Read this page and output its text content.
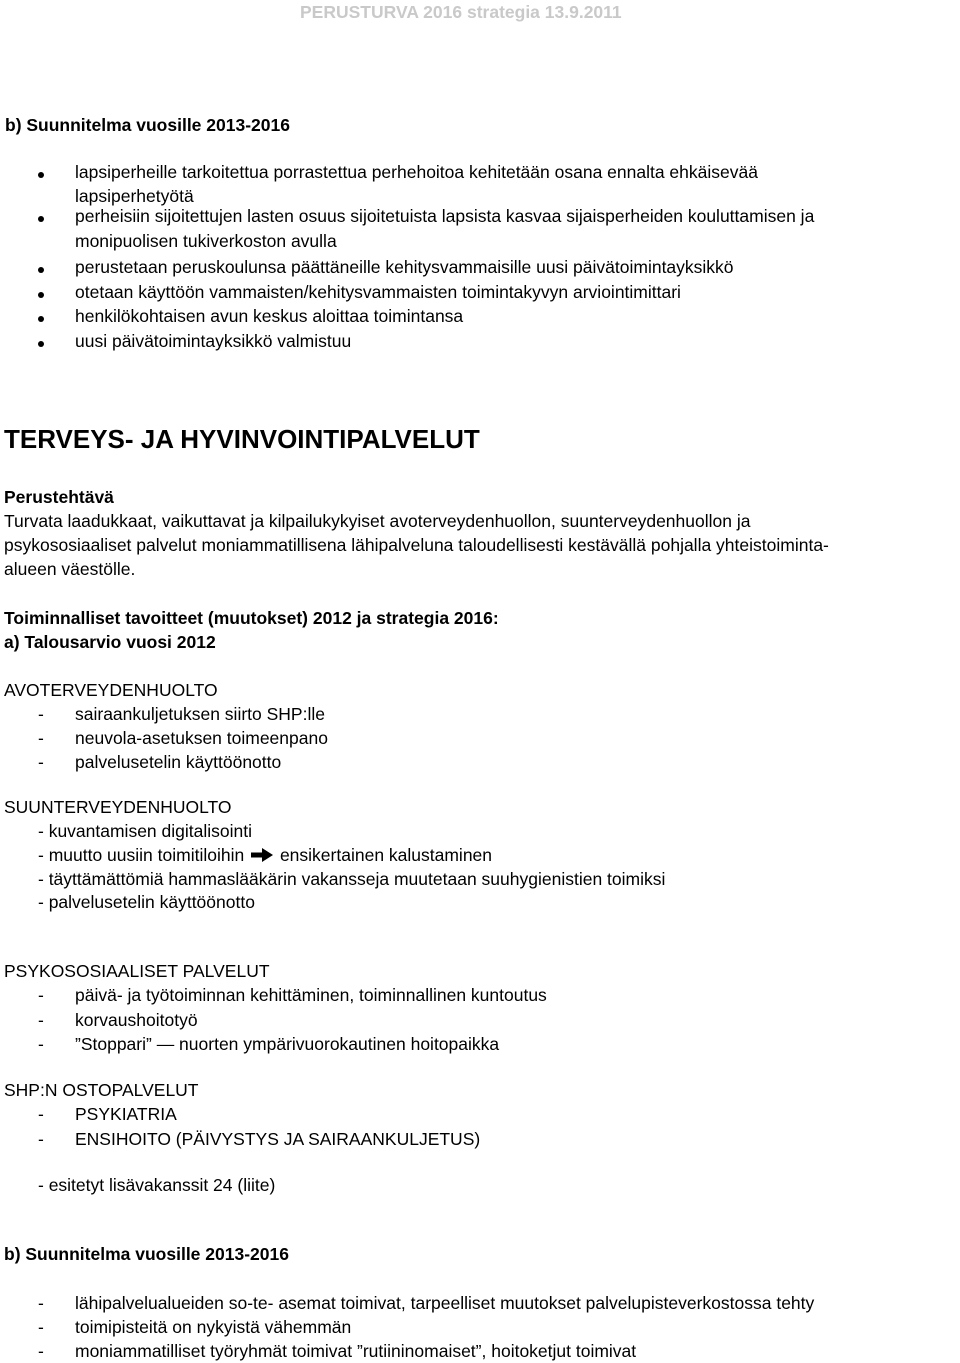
PERUSTURVA 2016 strategia 13.9.2011
b) Suunnitelma vuosille 2013-2016
lapsiperheille tarkoitettua porrastettua perhehoitoa kehitetään osana ennalta ehkäisevää
lapsiperhetyötä
perheisiin sijoitettujen lasten osuus sijoitetuista lapsista kasvaa sijaisperheiden kouluttamisen ja
monipuolisen tukiverkoston avulla
perustetaan peruskoulunsa päättäneille kehitysvammaisille uusi päivätoimintayksikkö
otetaan käyttöön vammaisten/kehitysvammaisten toimintakyvyn arviointimittari
henkilökohtaisen avun keskus aloittaa toimintansa
uusi päivätoimintayksikkö valmistuu
TERVEYS- JA HYVINVOINTIPALVELUT
Perustehtävä
Turvata laadukkaat, vaikuttavat ja kilpailukykyiset avoterveydenhuollon, suunterveydenhuollon ja
psykososiaaliset palvelut moniammatillisena lähipalveluna taloudellisesti kestävällä pohjalla yhteistoiminta-
alueen väestölle.
Toiminnalliset tavoitteet (muutokset) 2012 ja strategia 2016:
a) Talousarvio vuosi 2012
AVOTERVEYDENHUOLTO
- sairaankuljetuksen siirto SHP:lle
- neuvola-asetuksen toimeenpano
- palvelusetelin käyttöönotto
SUUNTERVEYDENHUOLTO
- kuvantamisen digitalisointi
- muutto uusiin toimitiloihin ensikertainen kalustaminen
- täyttämättömiä hammaslääkärin vakansseja muutetaan suuhygienistien toimiksi
- palvelusetelin käyttöönotto
PSYKOSOSIAALISET PALVELUT
- päivä- ja työtoiminnan kehittäminen, toiminnallinen kuntoutus
- korvaushoitotyö
- ”Stoppari” — nuorten ympärivuorokautinen hoitopaikka
SHP:N OSTOPALVELUT
- PSYKIATRIA
- ENSIHOITO (PÄIVYSTYS JA SAIRAANKULJETUS)
- esitetyt lisävakanssit 24 (liite)
b) Suunnitelma vuosille 2013-2016
- lähipalvelualueiden so-te- asemat toimivat, tarpeelliset muutokset palvelupisteverkostossa tehty
- toimipisteitä on nykyistä vähemmän
- moniammatilliset työryhmät toimivat ”rutiininomaiset”, hoitoketjut toimivat
